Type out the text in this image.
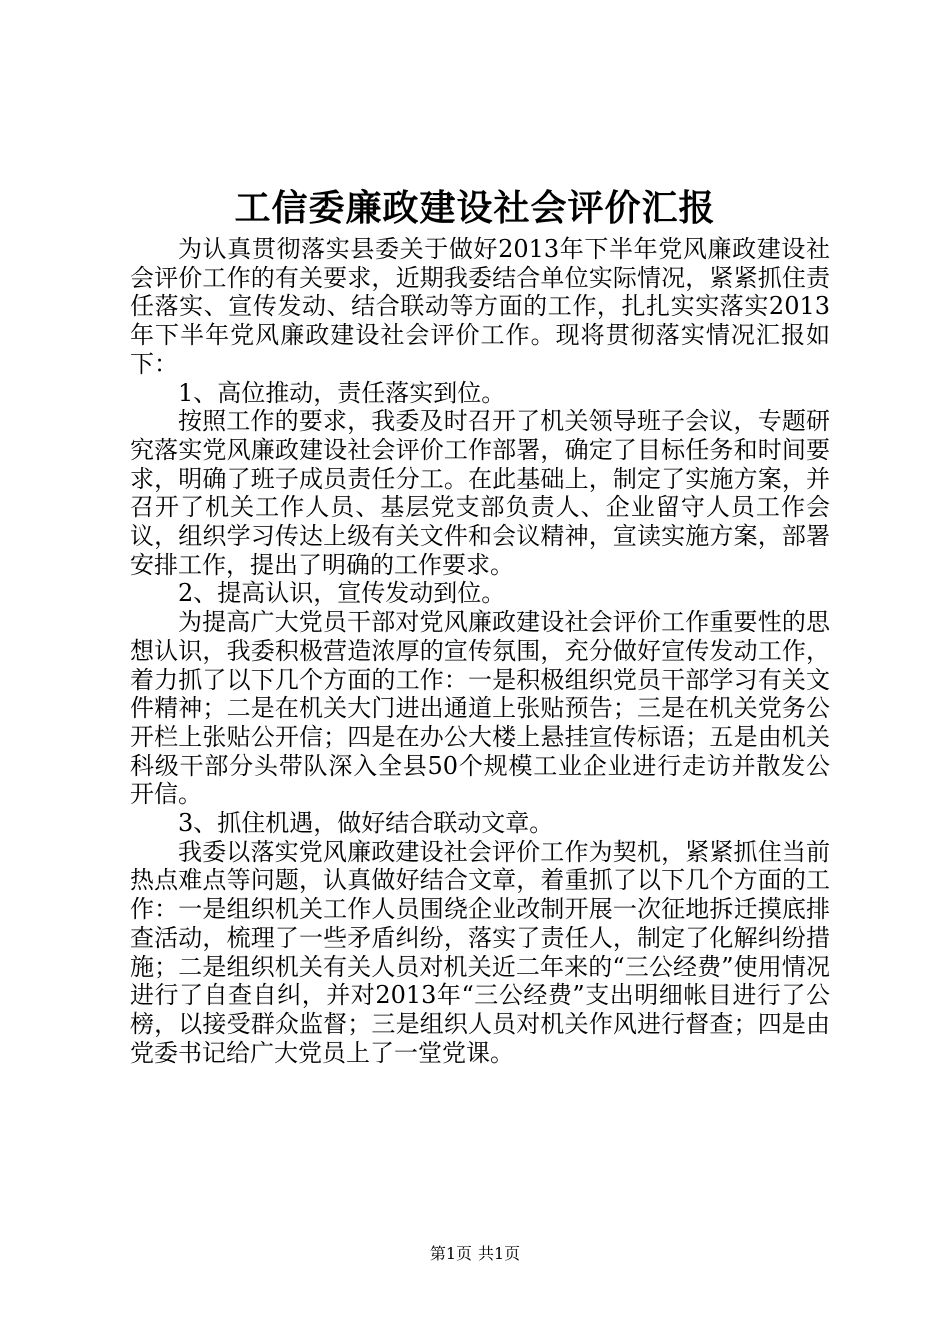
工信委廉政建设社会评价汇报

为认真贯彻落实县委关于做好2013年下半年党风廉政建设社会评价工作的有关要求，近期我委结合单位实际情况，紧紧抓住责任落实、宣传发动、结合联动等方面的工作，扎扎实实落实2013年下半年党风廉政建设社会评价工作。现将贯彻落实情况汇报如下：

1、高位推动，责任落实到位。

按照工作的要求，我委及时召开了机关领导班子会议，专题研究落实党风廉政建设社会评价工作部署，确定了目标任务和时间要求，明确了班子成员责任分工。在此基础上，制定了实施方案，并召开了机关工作人员、基层党支部负责人、企业留守人员工作会议，组织学习传达上级有关文件和会议精神，宣读实施方案，部署安排工作，提出了明确的工作要求。

2、提高认识，宣传发动到位。

为提高广大党员干部对党风廉政建设社会评价工作重要性的思想认识，我委积极营造浓厚的宣传氛围，充分做好宣传发动工作，着力抓了以下几个方面的工作：一是积极组织党员干部学习有关文件精神；二是在机关大门进出通道上张贴预告；三是在机关党务公开栏上张贴公开信；四是在办公大楼上悬挂宣传标语；五是由机关科级干部分头带队深入全县50个规模工业企业进行走访并散发公开信。

3、抓住机遇，做好结合联动文章。

我委以落实党风廉政建设社会评价工作为契机，紧紧抓住当前热点难点等问题，认真做好结合文章，着重抓了以下几个方面的工作：一是组织机关工作人员围绕企业改制开展一次征地拆迁摸底排查活动，梳理了一些矛盾纠纷，落实了责任人，制定了化解纠纷措施；二是组织机关有关人员对机关近二年来的“三公经费”使用情况进行了自查自纠，并对2013年“三公经费”支出明细帐目进行了公榜，以接受群众监督；三是组织人员对机关作风进行督查；四是由党委书记给广大党员上了一堂党课。

第1页 共1页
